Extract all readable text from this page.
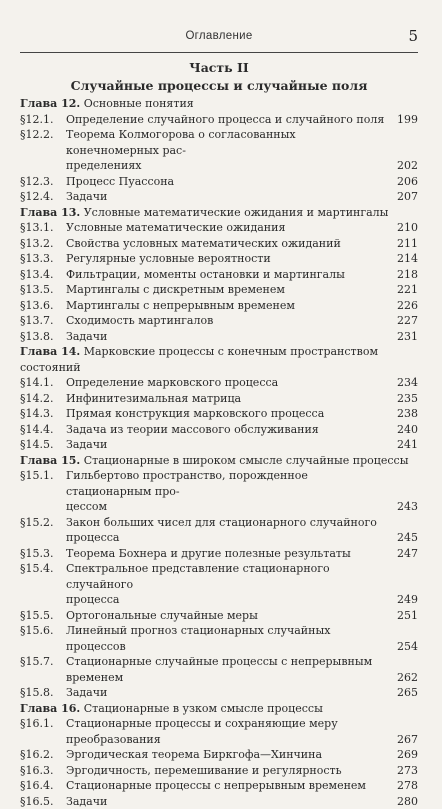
Оглавление	5
Часть II
Случайные процессы и случайные поля
Глава 12. Основные понятия
§12.1.	Определение случайного процесса и случайного поля	199
§12.2.	Теорема Колмогорова о согласованных конечномерных рас-
пределениях	202
§12.3.	Процесс Пуассона	206
§12.4.	Задачи	207
Глава 13. Условные математические ожидания и мартингалы
§13.1.	Условные математические ожидания	210
§13.2.	Свойства условных математических ожиданий	211
§13.3.	Регулярные условные вероятности	214
§13.4.	Фильтрации, моменты остановки и мартингалы	218
§13.5.	Мартингалы с дискретным временем	221
§13.6.	Мартингалы с непрерывным временем	226
§13.7.	Сходимость мартингалов	227
§13.8.	Задачи	231
Глава 14. Марковские процессы с конечным пространством состояний
§14.1.	Определение марковского процесса	234
§14.2.	Инфинитезимальная матрица	235
§14.3.	Прямая конструкция марковского процесса	238
§14.4.	Задача из теории массового обслуживания	240
§14.5.	Задачи	241
Глава 15. Стационарные в широком смысле случайные процессы
§15.1.	Гильбертово пространство, порожденное стационарным про-
цессом	243
§15.2.	Закон больших чисел для стационарного случайного процесса	245
§15.3.	Теорема Бохнера и другие полезные результаты	247
§15.4.	Спектральное представление стационарного случайного
процесса	249
§15.5.	Ортогональные случайные меры	251
§15.6.	Линейный прогноз стационарных случайных процессов	254
§15.7.	Стационарные случайные процессы с непрерывным временем	262
§15.8.	Задачи	265
Глава 16. Стационарные в узком смысле процессы
§16.1.	Стационарные процессы и сохраняющие меру
преобразования	267
§16.2.	Эргодическая теорема Биркгофа—Хинчина	269
§16.3.	Эргодичность, перемешивание и регулярность	273
§16.4.	Стационарные процессы с непрерывным временем	278
§16.5.	Задачи	280
